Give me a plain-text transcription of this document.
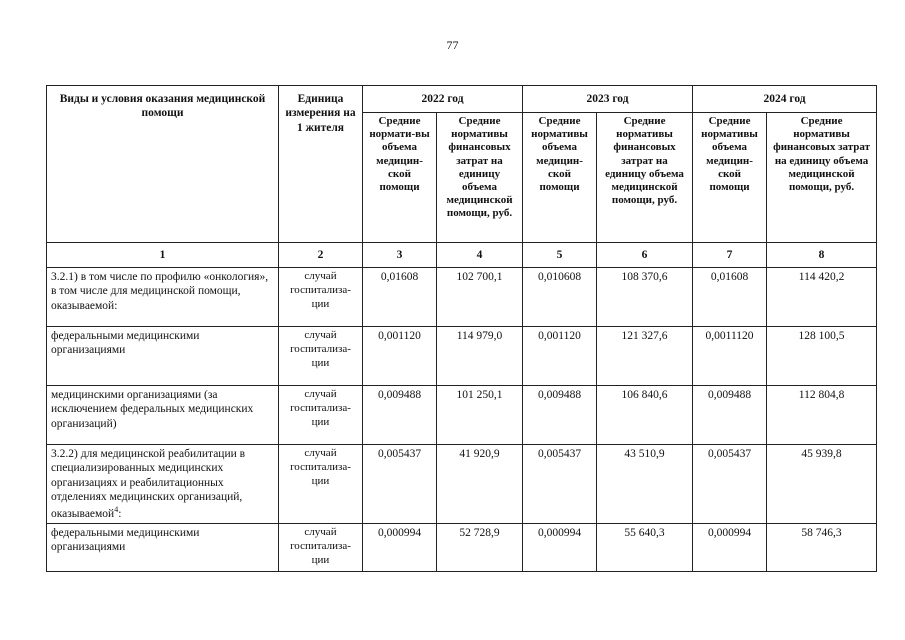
77
Виды и условия оказания медицинской помощи	Единица измерения на 1 жителя	2022 год		2023 год		2024 год	
		Средние нормати-вы объема медицин-ской помощи	Средние нормативы финансовых затрат на единицу объема медицинской помощи, руб.	Средние нормативы объема медицин-ской помощи	Средние нормативы финансовых затрат на единицу объема медицинской помощи, руб.	Средние нормативы объема медицин-ской помощи	Средние нормативы финансовых затрат на единицу объема медицинской помощи, руб.
1	2	3	4	5	6	7	8
3.2.1) в том числе по профилю «онкология», в том числе для медицинской помощи, оказываемой:	случай госпитализа-ции	0,01608	102 700,1	0,010608	108 370,6	0,01608	114 420,2
федеральными медицинскими организациями	случай госпитализа-ции	0,001120	114 979,0	0,001120	121 327,6	0,0011120	128 100,5
медицинскими организациями (за исключением федеральных медицинских организаций)	случай госпитализа-ции	0,009488	101 250,1	0,009488	106 840,6	0,009488	112 804,8
3.2.2) для медицинской реабилитации в специализированных медицинских организациях и реабилитационных отделениях медицинских организаций, оказываемой$^4$:	случай госпитализа-ции	0,005437	41 920,9	0,005437	43 510,9	0,005437	45 939,8
федеральными медицинскими организациями	случай госпитализа-ции	0,000994	52 728,9	0,000994	55 640,3	0,000994	58 746,3
